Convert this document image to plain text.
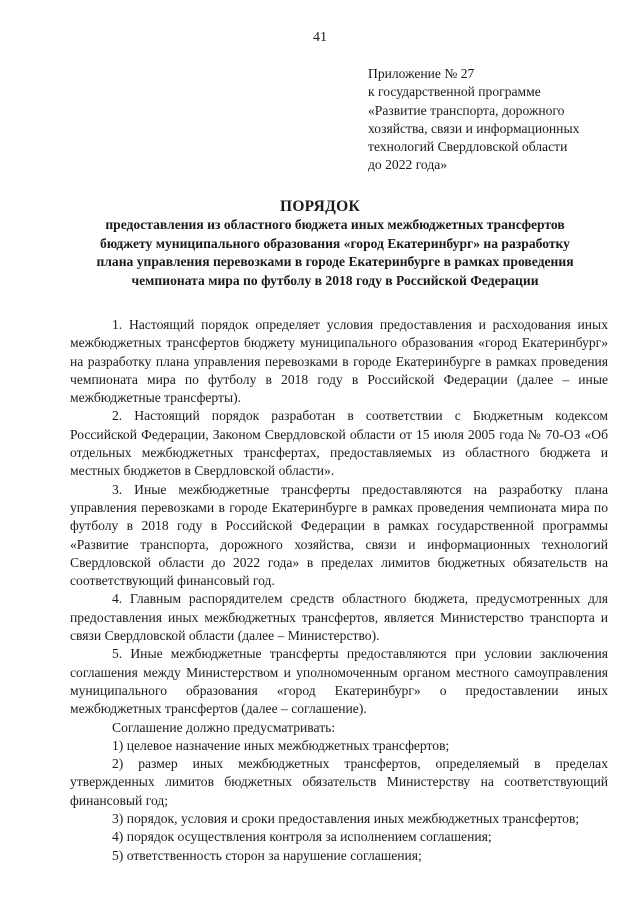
41
Приложение № 27
к государственной программе
«Развитие транспорта, дорожного
хозяйства, связи и информационных
технологий Свердловской области
до 2022 года»
ПОРЯДОК
предоставления из областного бюджета иных межбюджетных трансфертов
бюджету муниципального образования «город Екатеринбург» на разработку
плана управления перевозками в городе Екатеринбурге в рамках проведения
чемпионата мира по футболу в 2018 году в Российской Федерации

1. Настоящий порядок определяет условия предоставления и расходования иных межбюджетных трансфертов бюджету муниципального образования «город Екатеринбург» на разработку плана управления перевозками в городе Екатеринбурге в рамках проведения чемпионата мира по футболу в 2018 году в Российской Федерации (далее – иные межбюджетные трансферты).

2. Настоящий порядок разработан в соответствии с Бюджетным кодексом Российской Федерации, Законом Свердловской области от 15 июля 2005 года № 70-ОЗ «Об отдельных межбюджетных трансфертах, предоставляемых из областного бюджета и местных бюджетов в Свердловской области».

3. Иные межбюджетные трансферты предоставляются на разработку плана управления перевозками в городе Екатеринбурге в рамках проведения чемпионата мира по футболу в 2018 году в Российской Федерации в рамках государственной программы «Развитие транспорта, дорожного хозяйства, связи и информационных технологий Свердловской области до 2022 года» в пределах лимитов бюджетных обязательств на соответствующий финансовый год.

4. Главным распорядителем средств областного бюджета, предусмотренных для предоставления иных межбюджетных трансфертов, является Министерство транспорта и связи Свердловской области (далее – Министерство).

5. Иные межбюджетные трансферты предоставляются при условии заключения соглашения между Министерством и уполномоченным органом местного самоуправления муниципального образования «город Екатеринбург» о предоставлении иных межбюджетных трансфертов (далее – соглашение).

Соглашение должно предусматривать:

1) целевое назначение иных межбюджетных трансфертов;

2) размер иных межбюджетных трансфертов, определяемый в пределах утвержденных лимитов бюджетных обязательств Министерству на соответствующий финансовый год;

3) порядок, условия и сроки предоставления иных межбюджетных трансфертов;

4) порядок осуществления контроля за исполнением соглашения;

5) ответственность сторон за нарушение соглашения;
